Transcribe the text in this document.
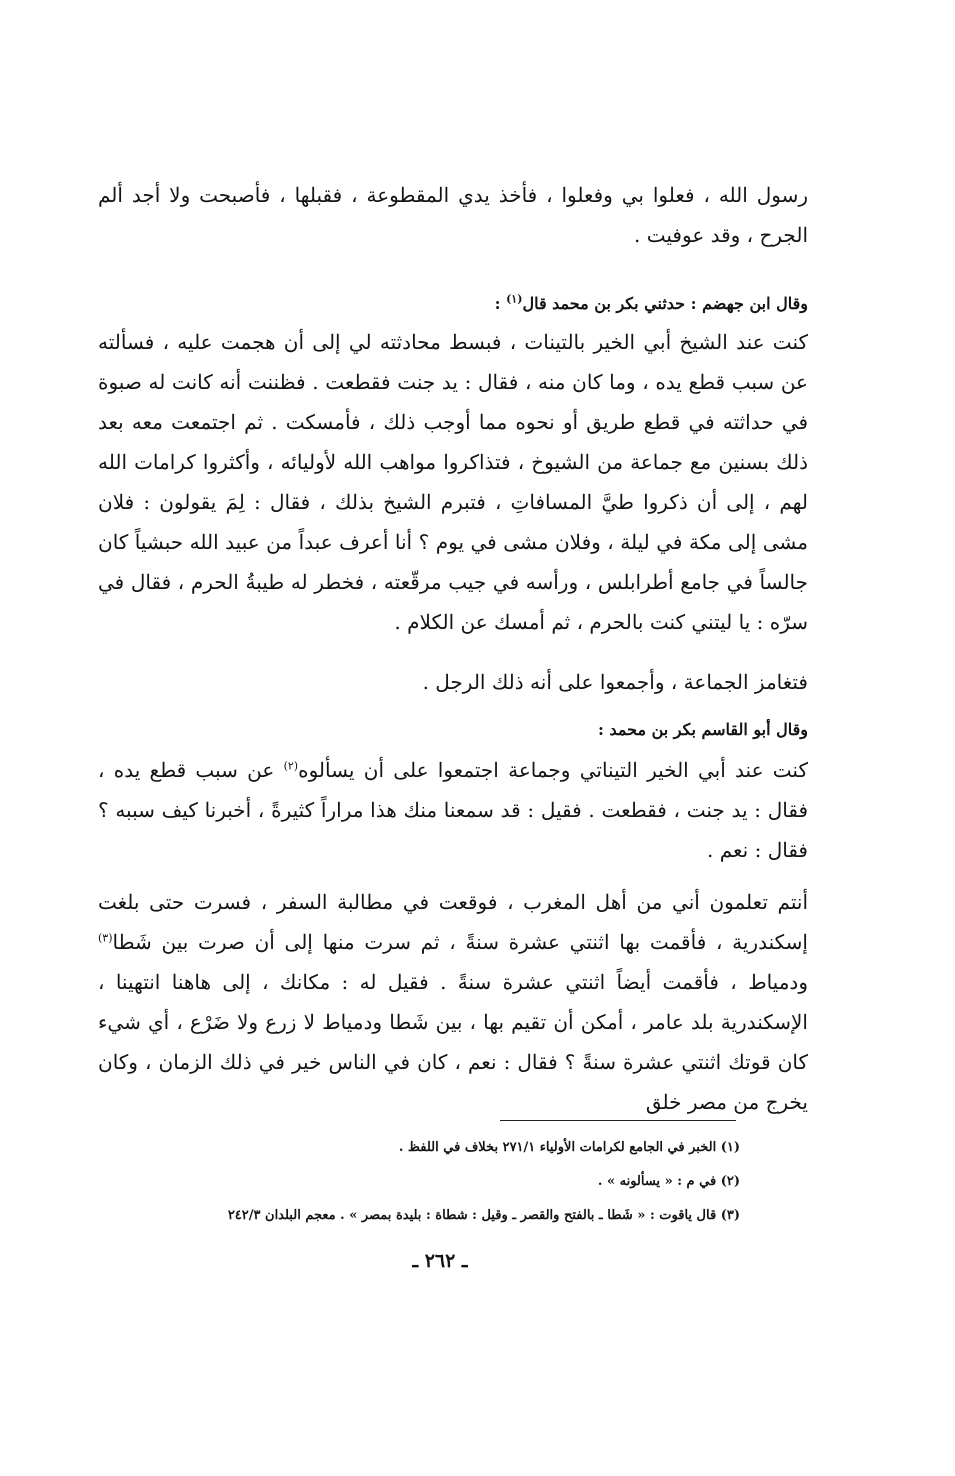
رسول الله ، فعلوا بي وفعلوا ، فأخذ يدي المقطوعة ، فقبلها ، فأصبحت ولا أجد ألم الجرح ، وقد عوفيت .

وقال ابن جهضم : حدثني بكر بن محمد قال$^{(١)}$ :

كنت عند الشيخ أبي الخير بالتينات ، فبسط محادثته لي إلى أن هجمت عليه ، فسألته عن سبب قطع يده ، وما كان منه ، فقال : يد جنت فقطعت . فظننت أنه كانت له صبوة في حداثته في قطع طريق أو نحوه مما أوجب ذلك ، فأمسكت . ثم اجتمعت معه بعد ذلك بسنين مع جماعة من الشيوخ ، فتذاكروا مواهب الله لأوليائه ، وأكثروا كرامات الله لهم ، إلى أن ذكروا طيَّ المسافاتِ ، فتبرم الشيخ بذلك ، فقال : لِمَ يقولون : فلان مشى إلى مكة في ليلة ، وفلان مشى في يوم ؟ أنا أعرف عبداً من عبيد الله حبشياً كان جالساً في جامع أطرابلس ، ورأسه في جيب مرقّعته ، فخطر له طيبةُ الحرم ، فقال في سرّه : يا ليتني كنت بالحرم ، ثم أمسك عن الكلام .

فتغامز الجماعة ، وأجمعوا على أنه ذلك الرجل .

وقال أبو القاسم بكر بن محمد :

كنت عند أبي الخير التيناتي وجماعة اجتمعوا على أن يسألوه$^{(٢)}$ عن سبب قطع يده ، فقال : يد جنت ، فقطعت . فقيل : قد سمعنا منك هذا مراراً كثيرةً ، أخبرنا كيف سببه ؟ فقال : نعم .

أنتم تعلمون أني من أهل المغرب ، فوقعت في مطالبة السفر ، فسرت حتى بلغت إسكندرية ، فأقمت بها اثنتي عشرة سنةً ، ثم سرت منها إلى أن صرت بين شَطا$^{(٣)}$ ودمياط ، فأقمت أيضاً اثنتي عشرة سنةً . فقيل له : مكانك ، إلى هاهنا انتهينا ، الإسكندرية بلد عامر ، أمكن أن تقيم بها ، بين شَطا ودمياط لا زرع ولا ضَرْع ، أي شيء كان قوتك اثنتي عشرة سنةً ؟ فقال : نعم ، كان في الناس خير في ذلك الزمان ، وكان يخرج من مصر خلق

(١) الخبر في الجامع لكرامات الأولياء ٢٧١/١ بخلاف في اللفظ .
(٢) في م : « يسألونه » .
(٣) قال ياقوت : « شَطا ـ بالفتح والقصر ـ وقيل : شطاة : بليدة بمصر » . معجم البلدان ٢٤٢/٣
ـ ٢٦٢ ـ
